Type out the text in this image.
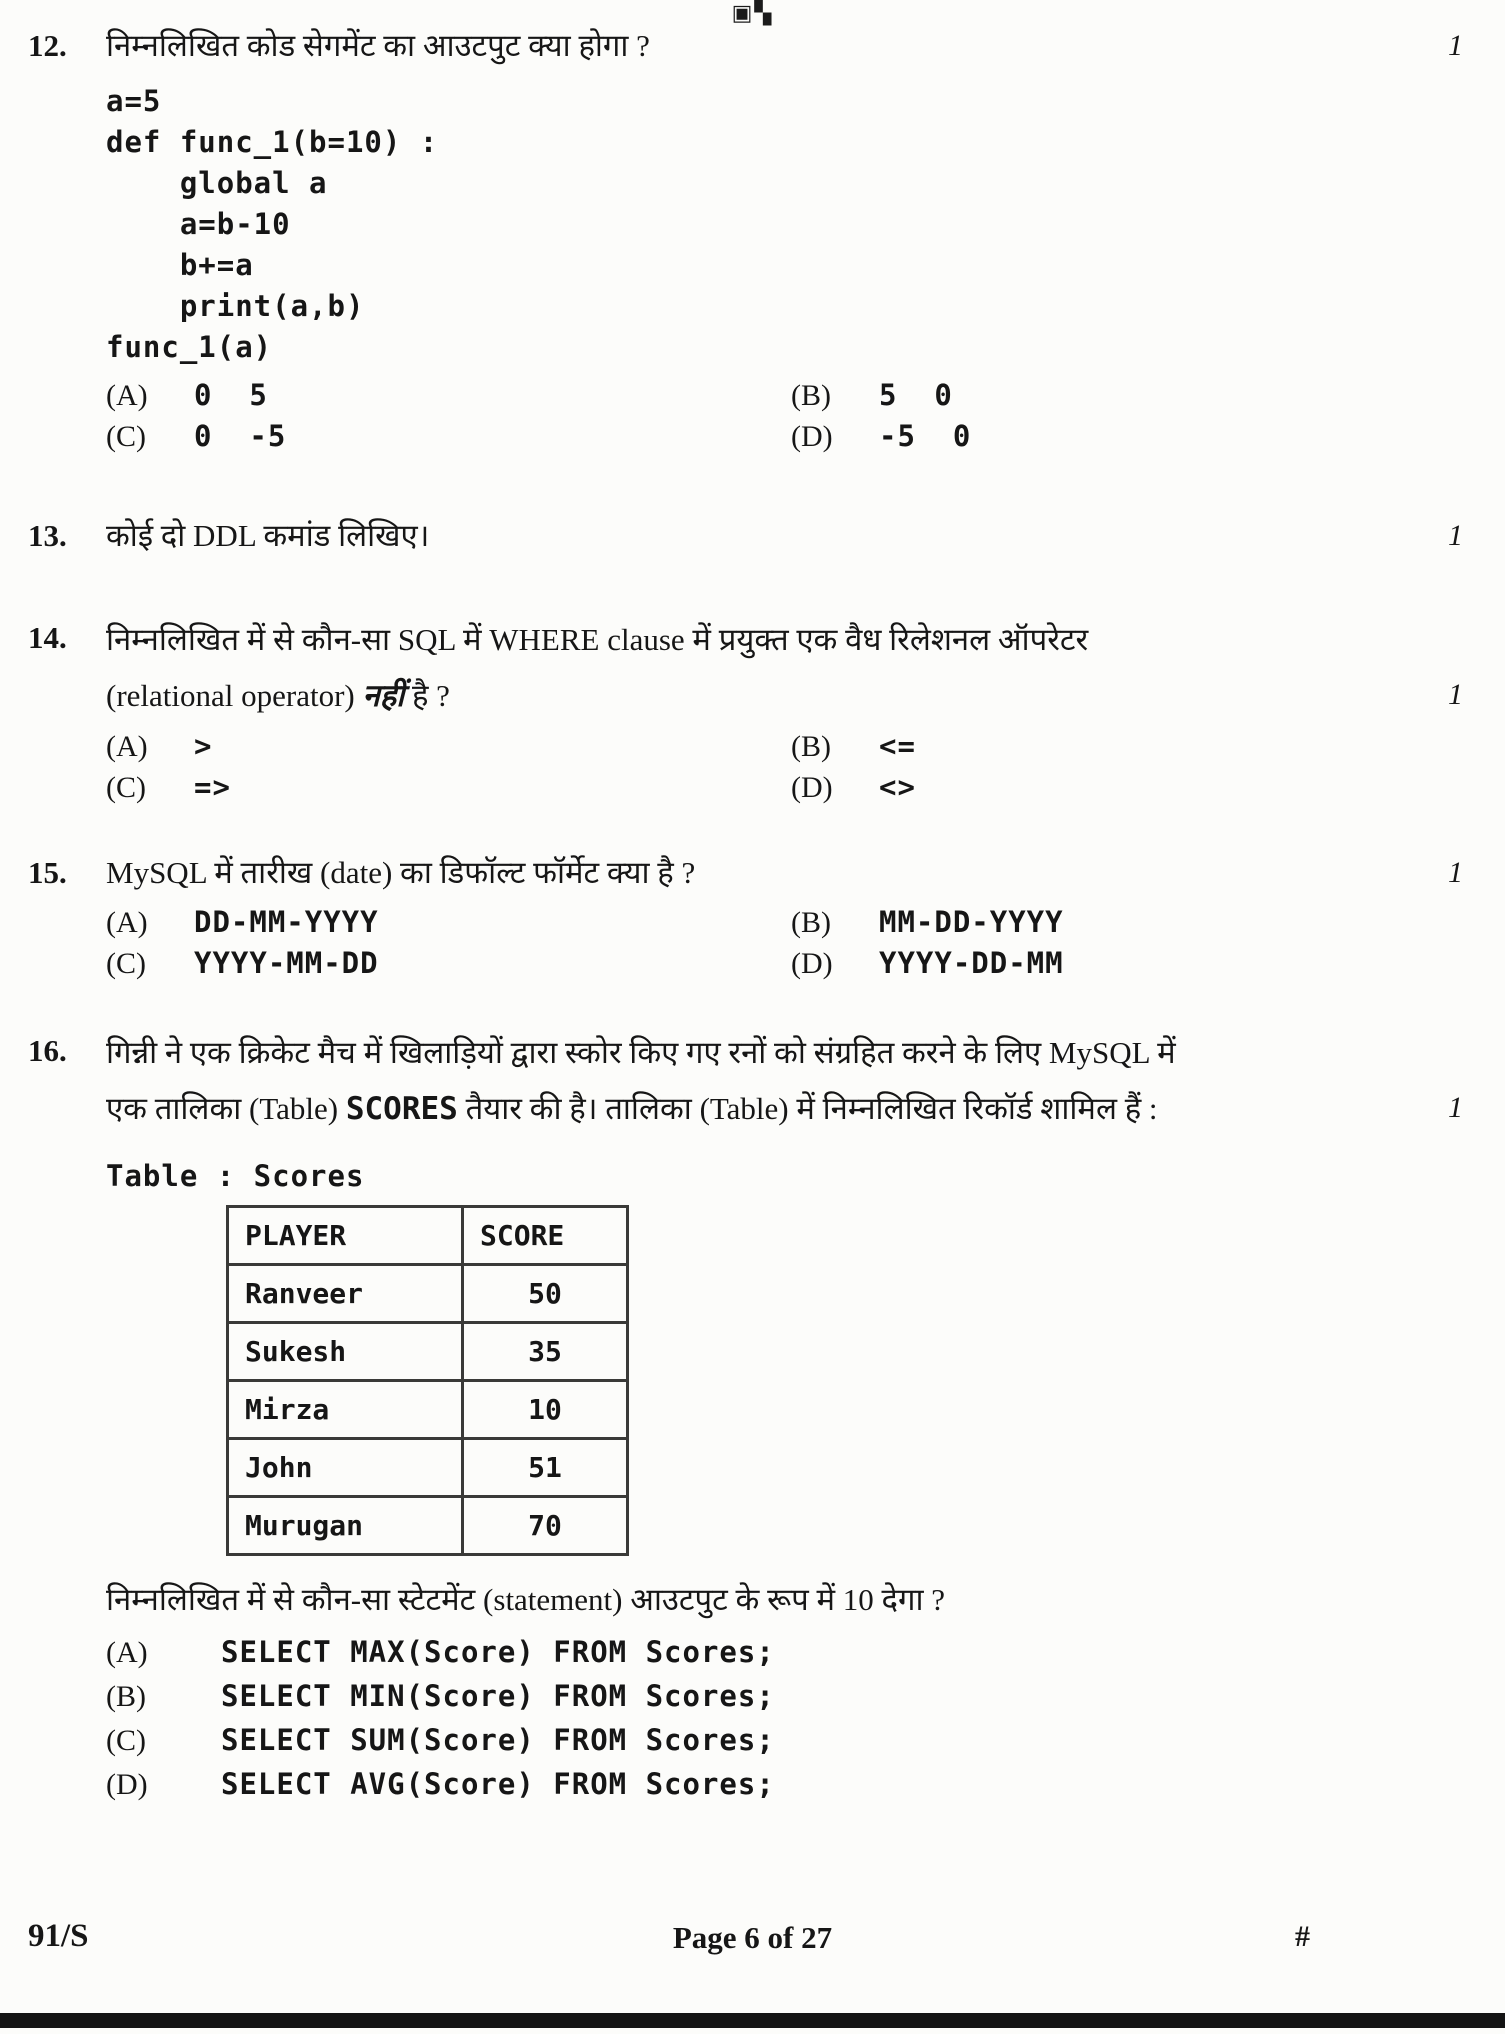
▣▚
12.	निम्नलिखित कोड सेगमेंट का आउटपुट क्या होगा ?	1
a=5
def func_1(b=10) :
global a
a=b-10
b+=a
print(a,b)
func_1(a)
(A)	0  5	(B)	5  0
(C)	0  -5	(D)	-5  0
13.	कोई दो DDL कमांड लिखिए।	1
14.	निम्नलिखित में से कौन-सा SQL में WHERE clause में प्रयुक्त एक वैध रिलेशनल ऑपरेटर
(relational operator) नहीं है ?	1
(A)	>	(B)	<=
(C)	=>	(D)	<>
15.	MySQL में तारीख (date) का डिफॉल्ट फॉर्मेट क्या है ?	1
(A)	DD-MM-YYYY	(B)	MM-DD-YYYY
(C)	YYYY-MM-DD	(D)	YYYY-DD-MM
16.	गिन्नी ने एक क्रिकेट मैच में खिलाड़ियों द्वारा स्कोर किए गए रनों को संग्रहित करने के लिए MySQL में
एक तालिका (Table) SCORES तैयार की है। तालिका (Table) में निम्नलिखित रिकॉर्ड शामिल हैं :	1
Table : Scores
PLAYER	SCORE
Ranveer	50
Sukesh	35
Mirza	10
John	51
Murugan	70
निम्नलिखित में से कौन-सा स्टेटमेंट (statement) आउटपुट के रूप में 10 देगा ?
(A)	SELECT MAX(Score) FROM Scores;
(B)	SELECT MIN(Score) FROM Scores;
(C)	SELECT SUM(Score) FROM Scores;
(D)	SELECT AVG(Score) FROM Scores;
91/S	Page 6 of 27	#
